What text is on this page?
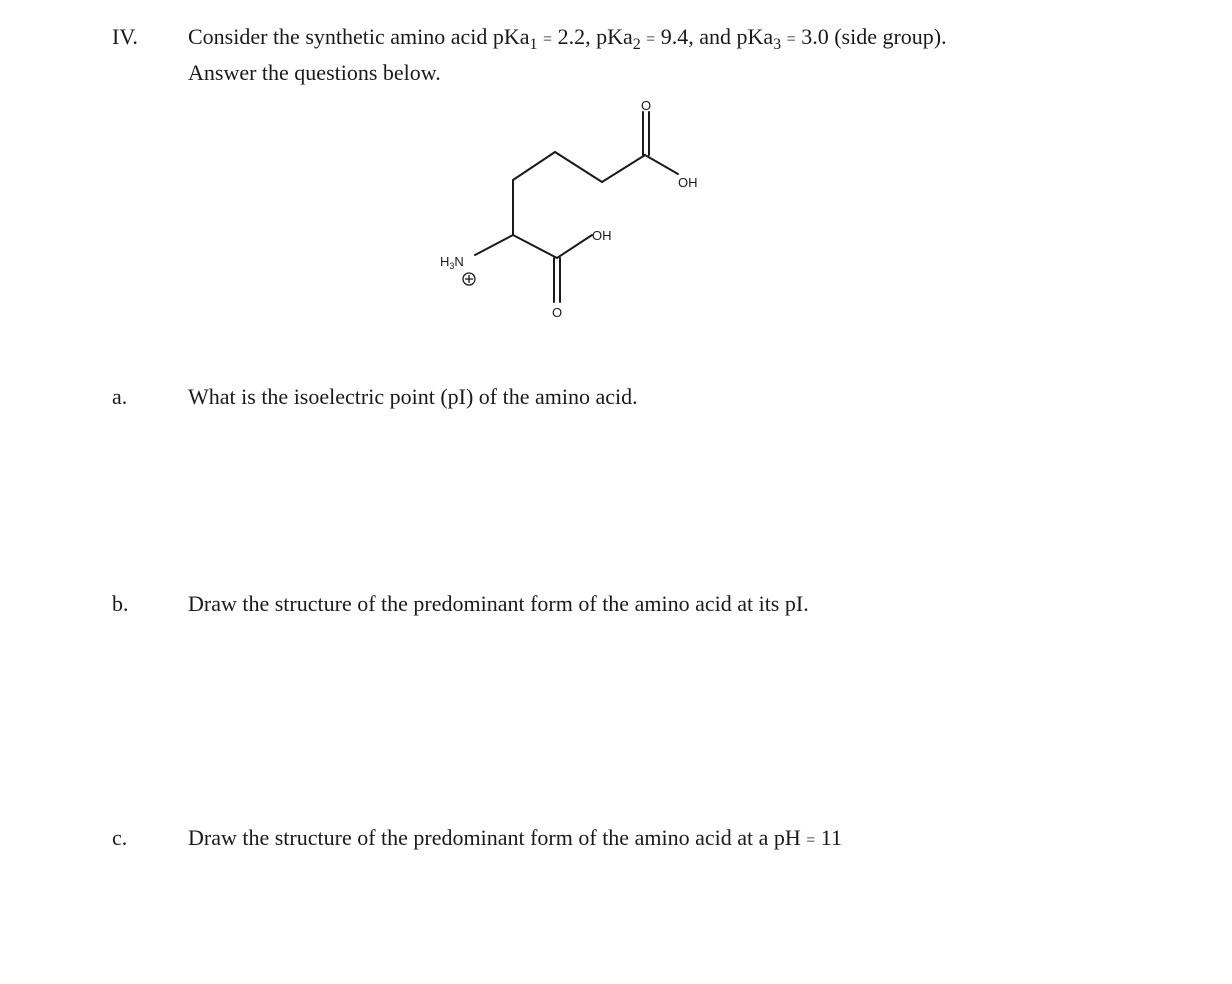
IV. Consider the synthetic amino acid pKa$_1$ = 2.2, pKa$_2$ = 9.4, and pKa$_3$ = 3.0 (side group).
Answer the questions below.
O
OH
OH
O
$H_3N$
a.	What is the isoelectric point (pI) of the amino acid.
b.	Draw the structure of the predominant form of the amino acid at its pI.
c.	Draw the structure of the predominant form of the amino acid at a pH = 11
